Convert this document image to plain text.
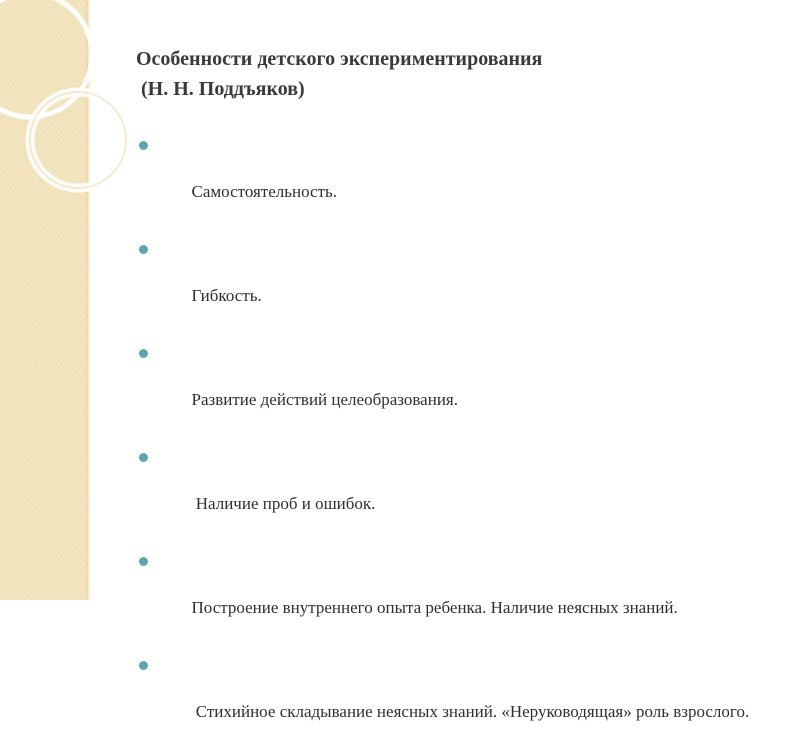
Особенности детского экспериментирования
(Н. Н. Поддъяков)

Самостоятельность.

Гибкость.

Развитие действий целеобразования.

Наличие проб и ошибок.

Построение внутреннего опыта ребенка. Наличие неясных знаний.

Стихийное складывание неясных знаний. «Неруководящая» роль взрослого.
